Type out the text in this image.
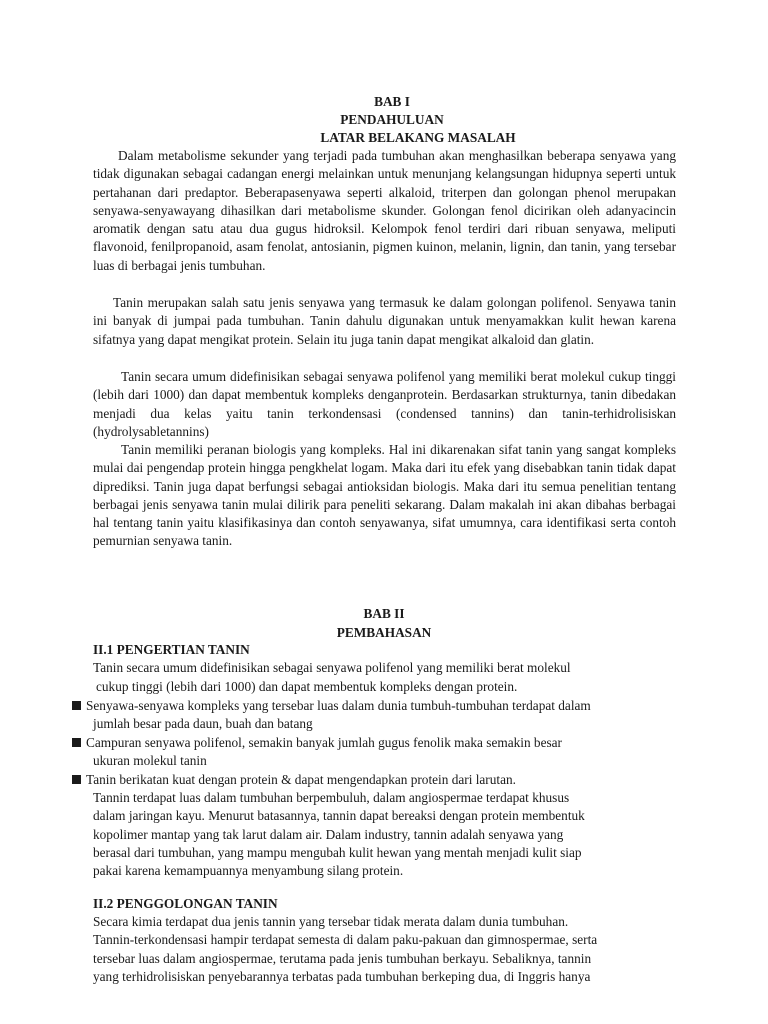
BAB I
PENDAHULUAN
LATAR BELAKANG MASALAH
Dalam metabolisme sekunder yang terjadi pada tumbuhan akan menghasilkan beberapa senyawa yang tidak digunakan sebagai cadangan energi melainkan untuk menunjang kelangsungan hidupnya seperti untuk pertahanan dari predaptor. Beberapasenyawa seperti alkaloid, triterpen dan golongan phenol merupakan senyawa-senyawayang dihasilkan dari metabolisme skunder. Golongan fenol dicirikan oleh adanyacincin aromatik dengan satu atau dua gugus hidroksil. Kelompok fenol terdiri dari ribuan senyawa, meliputi flavonoid, fenilpropanoid, asam fenolat, antosianin, pigmen kuinon, melanin, lignin, dan tanin, yang tersebar luas di berbagai jenis tumbuhan.
Tanin merupakan salah satu jenis senyawa yang termasuk ke dalam golongan polifenol. Senyawa tanin ini banyak di jumpai pada tumbuhan. Tanin dahulu digunakan untuk menyamakkan kulit hewan karena sifatnya yang dapat mengikat protein. Selain itu juga tanin dapat mengikat alkaloid dan glatin.
Tanin secara umum didefinisikan sebagai senyawa polifenol yang memiliki berat molekul cukup tinggi (lebih dari 1000) dan dapat membentuk kompleks denganprotein. Berdasarkan strukturnya, tanin dibedakan menjadi dua kelas yaitu tanin terkondensasi (condensed tannins) dan tanin-terhidrolisiskan (hydrolysabletannins)
Tanin memiliki peranan biologis yang kompleks. Hal ini dikarenakan sifat tanin yang sangat kompleks mulai dai pengendap protein hingga pengkhelat logam. Maka dari itu efek yang disebabkan tanin tidak dapat diprediksi. Tanin juga dapat berfungsi sebagai antioksidan biologis. Maka dari itu semua penelitian tentang berbagai jenis senyawa tanin mulai dilirik para peneliti sekarang. Dalam makalah ini akan dibahas berbagai hal tentang tanin yaitu klasifikasinya dan contoh senyawanya, sifat umumnya, cara identifikasi serta contoh pemurnian senyawa tanin.
BAB II
PEMBAHASAN
II.1 PENGERTIAN TANIN
Tanin secara umum didefinisikan sebagai senyawa polifenol yang memiliki berat molekul
cukup tinggi (lebih dari 1000) dan dapat membentuk kompleks dengan protein.
Senyawa-senyawa kompleks yang tersebar luas dalam dunia tumbuh-tumbuhan terdapat dalam
jumlah besar pada daun, buah dan batang
Campuran senyawa polifenol, semakin banyak jumlah gugus fenolik maka semakin besar
ukuran molekul tanin
Tanin berikatan kuat dengan protein & dapat mengendapkan protein dari larutan.
Tannin terdapat luas dalam tumbuhan berpembuluh, dalam angiospermae terdapat khusus
dalam jaringan kayu. Menurut batasannya, tannin dapat bereaksi dengan protein membentuk
kopolimer mantap yang tak larut dalam air. Dalam industry, tannin adalah senyawa yang
berasal dari tumbuhan, yang mampu mengubah kulit hewan yang mentah menjadi kulit siap
pakai karena kemampuannya menyambung silang protein.
II.2 PENGGOLONGAN TANIN
Secara kimia terdapat dua jenis tannin yang tersebar tidak merata dalam dunia tumbuhan.
Tannin-terkondensasi hampir terdapat semesta di dalam paku-pakuan dan gimnospermae, serta
tersebar luas dalam angiospermae, terutama pada jenis tumbuhan berkayu. Sebaliknya, tannin
yang terhidrolisiskan penyebarannya terbatas pada tumbuhan berkeping dua, di Inggris hanya
